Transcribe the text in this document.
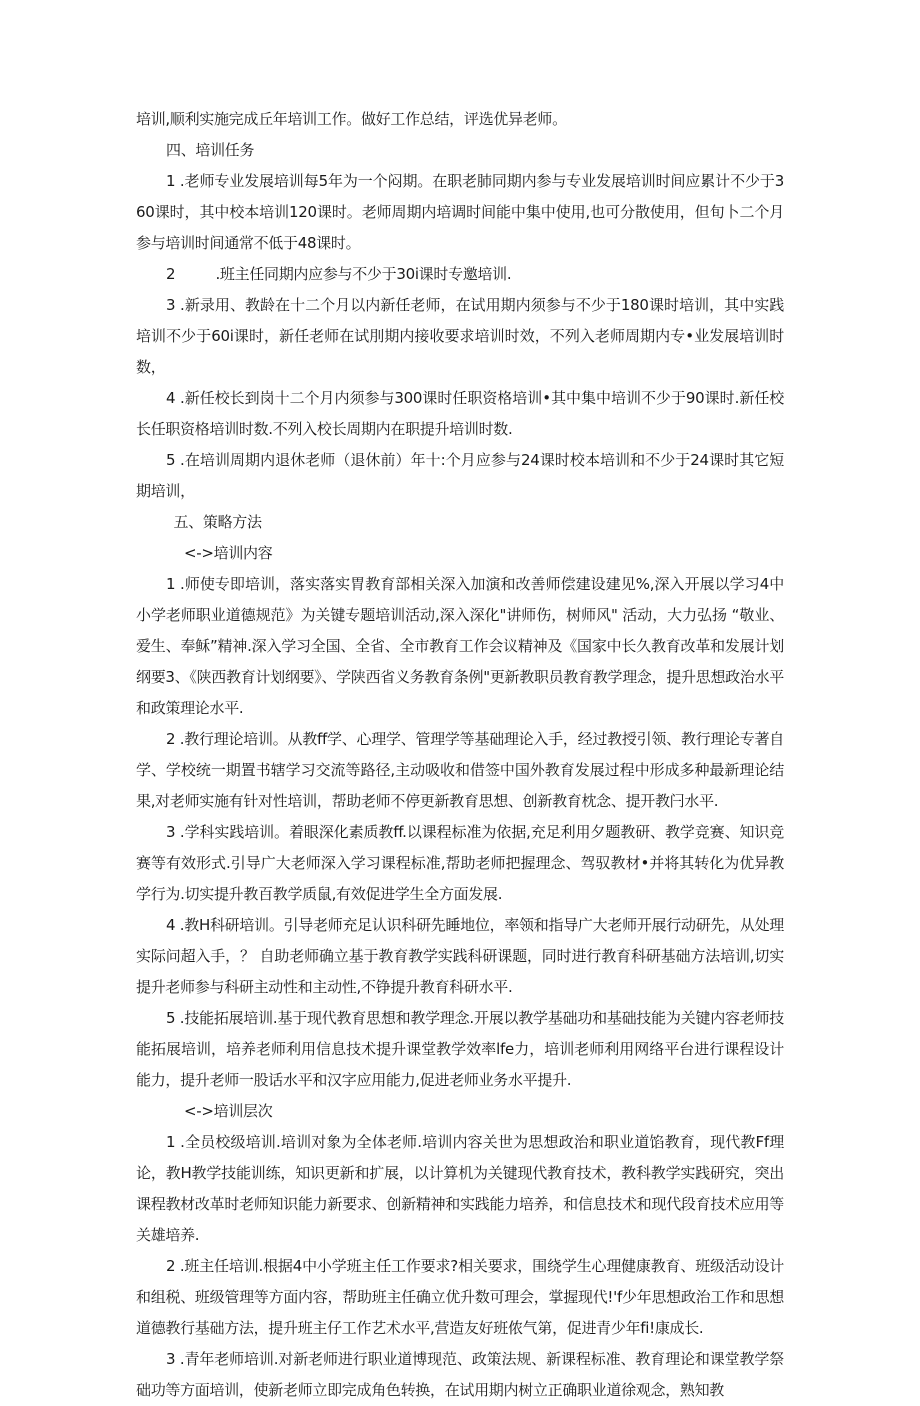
培训,顺利实施完成丘年培训工作。做好工作总结，评选优异老师。

四、培训任务

1 .老师专业发展培训每5年为一个闷期。在职老肺同期内参与专业发展培训时间应累计不少于360课时，其中校本培训120课时。老师周期内培调时间能中集中使用,也可分散使用，但旬卜二个月参与培训时间通常不低于48课时。

2         .班主任同期内应参与不少于30i课时专邀培训.

3 .新录用、教龄在十二个月以内新任老师，在试用期内须参与不少于180课时培训，其中实践培训不少于60i课时，新任老师在试刖期内接收要求培训时效，不列入老师周期内专•业发展培训时数，

4 .新任校长到岗十二个月内须参与300课时任职资格培训•其中集中培训不少于90课时.新任校长任职资格培训时数.不列入校长周期内在职提升培训时数.

5 .在培训周期内退休老师（退休前）年十:个月应参与24课时校本培训和不少于24课时其它短期培训，

五、策略方法

<->培训内容

1 .师使专即培训，落实落实胃教育部相关深入加演和改善师偿建设建见%,深入开展以学习4中小学老师职业道德规范》为关键专题培训活动,深入深化"讲师伤，树师风" 活动，大力弘扬 “敬业、爱生、奉稣”精神.深入学习全国、全省、全市教育工作会议精神及《国家中长久教育改革和发展计划纲要3、《陕西教育计划纲要》、学陕西省义务教育条例"更新教职员教育教学理念，提升思想政治水平和政策理论水平.

2 .教行理论培训。从教ff学、心理学、管理学等基础理论入手，经过教授引领、教行理论专著自学、学校统一期置书辖学习交流等路径,主动吸收和借签中国外教育发展过程中形成多种最新理论结果,对老师实施有针对性培训，帮助老师不停更新教育思想、创新教育枕念、提开教闩水平.

3 .学科实践培训。着眼深化素质教ff.以课程标准为依据,充足利用夕题教研、教学竞赛、知识竞赛等有效形式.引导广大老师深入学习课程标准,帮助老师把握理念、驾驭教材•并将其转化为优异教学行为.切实提升教百教学质鼠,有效促进学生全方面发展.

4 .教H科研培训。引导老师充足认识科研先睡地位，率领和指导广大老师开展行动研先，从处理实际问超入手，？ 自助老师确立基于教育教学实践科研课题，同时进行教育科研基础方法培训,切实提升老师参与科研主动性和主动性,不铮提升教育科研水平.

5 .技能拓展培训.基于现代教育思想和教学理念.开展以教学基础功和基础技能为关键内容老师技能拓展培训，培养老师利用信息技术提升课堂教学效率lfe力，培训老师利用网络平台进行课程设计能力，提升老师一股话水平和汉字应用能力,促进老师业务水平提升.

<->培训层次

1 .全员校级培训.培训对象为全体老师.培训内容关世为思想政治和职业道馅教育，现代教Ff理论，教H教学技能训练，知识更新和扩展，以计算机为关键现代教育技术，教科教学实践研究，突出课程教材改革时老师知识能力新要求、创新精神和实践能力培养，和信息技术和现代段育技术应用等关雄培养.

2 .班主任培训.根据4中小学班主任工作要求?相关要求，围绕学生心理健康教育、班级活动设计和组税、班级管理等方面内容，帮助班主任确立优升数可理会，掌握现代!'f少年思想政治工作和思想道德教行基础方法，提升班主仔工作艺术水平,营造友好班侬气第，促进青少年fi!康成长.

3 .青年老师培训.对新老师进行职业道博现范、政策法规、新课程标准、教育理论和课堂教学祭础功等方面培训，使新老师立即完成角色转换，在试用期内树立正确职业道徐观念，熟知教
